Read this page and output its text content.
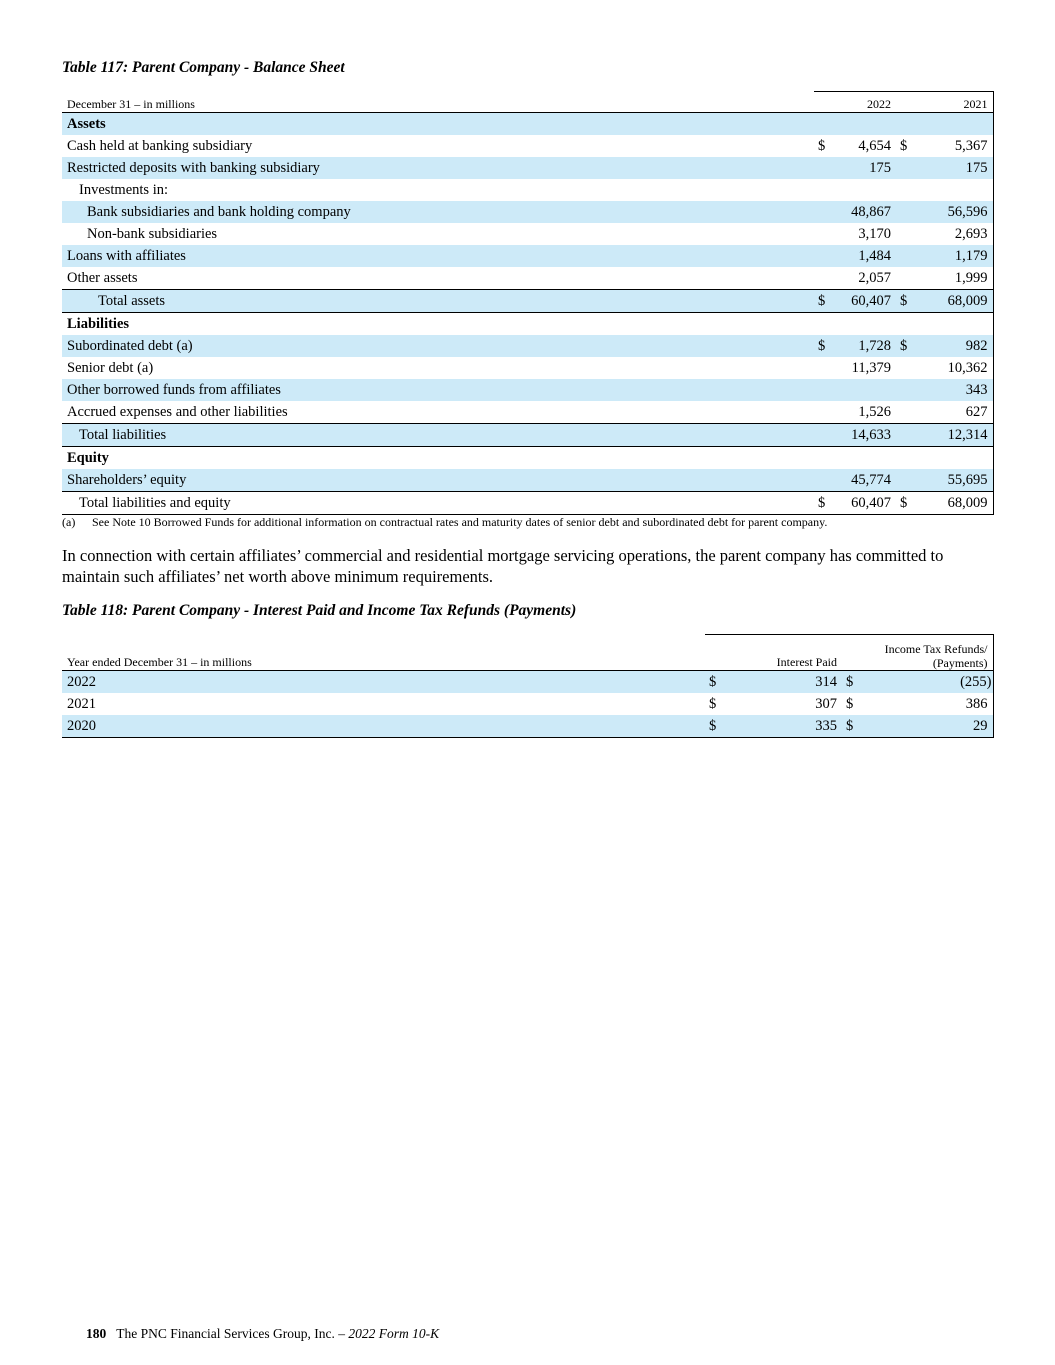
Table 117: Parent Company - Balance Sheet
December 31 – in millions		2022		2021
Assets				
Cash held at banking subsidiary	$	4,654	$	5,367
Restricted deposits with banking subsidiary		175		175
Investments in:				
Bank subsidiaries and bank holding company		48,867		56,596
Non-bank subsidiaries		3,170		2,693
Loans with affiliates		1,484		1,179
Other assets		2,057		1,999
Total assets	$	60,407	$	68,009
Liabilities				
Subordinated debt (a)	$	1,728	$	982
Senior debt (a)		11,379		10,362
Other borrowed funds from affiliates				343
Accrued expenses and other liabilities		1,526		627
Total liabilities		14,633		12,314
Equity				
Shareholders’ equity		45,774		55,695
Total liabilities and equity	$	60,407	$	68,009
(a) See Note 10 Borrowed Funds for additional information on contractual rates and maturity dates of senior debt and subordinated debt for parent company.
In connection with certain affiliates’ commercial and residential mortgage servicing operations, the parent company has committed to maintain such affiliates’ net worth above minimum requirements.
Table 118: Parent Company - Interest Paid and Income Tax Refunds (Payments)
Year ended December 31 – in millions		Interest Paid		Income Tax Refunds/
(Payments)

2022	$	314	$	(255)
2021	$	307	$	386
2020	$	335	$	29
180 The PNC Financial Services Group, Inc. – 2022 Form 10-K
